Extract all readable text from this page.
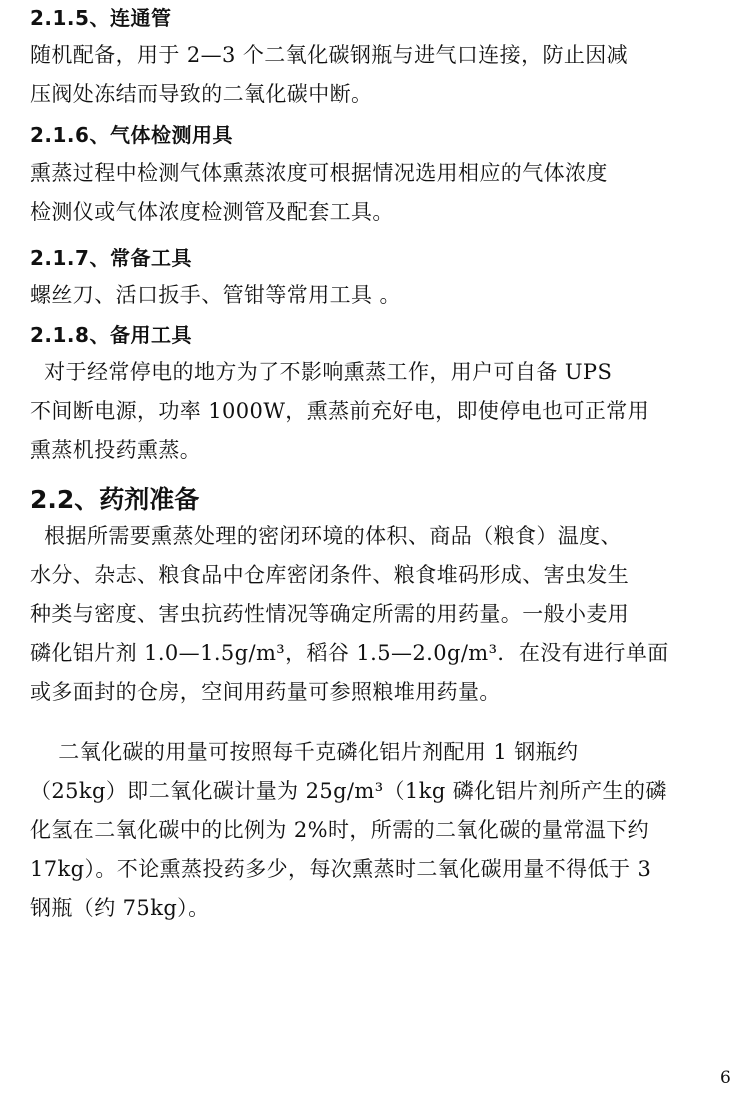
2.1.5、连通管
随机配备，用于 2—3 个二氧化碳钢瓶与进气口连接，防止因减
压阀处冻结而导致的二氧化碳中断。
2.1.6、气体检测用具
熏蒸过程中检测气体熏蒸浓度可根据情况选用相应的气体浓度
检测仪或气体浓度检测管及配套工具。
2.1.7、常备工具
螺丝刀、活口扳手、管钳等常用工具 。
2.1.8、备用工具
对于经常停电的地方为了不影响熏蒸工作，用户可自备 UPS
不间断电源，功率 1000W，熏蒸前充好电，即使停电也可正常用
熏蒸机投药熏蒸。
2.2、药剂准备
根据所需要熏蒸处理的密闭环境的体积、商品（粮食）温度、
水分、杂志、粮食品中仓库密闭条件、粮食堆码形成、害虫发生
种类与密度、害虫抗药性情况等确定所需的用药量。一般小麦用
磷化铝片剂 1.0—1.5g/m³，稻谷 1.5—2.0g/m³．在没有进行单面
或多面封的仓房，空间用药量可参照粮堆用药量。
二氧化碳的用量可按照每千克磷化铝片剂配用 1 钢瓶约
（25kg）即二氧化碳计量为 25g/m³（1kg 磷化铝片剂所产生的磷
化氢在二氧化碳中的比例为 2%时，所需的二氧化碳的量常温下约
17kg）。不论熏蒸投药多少，每次熏蒸时二氧化碳用量不得低于 3
钢瓶（约 75kg）。
6
